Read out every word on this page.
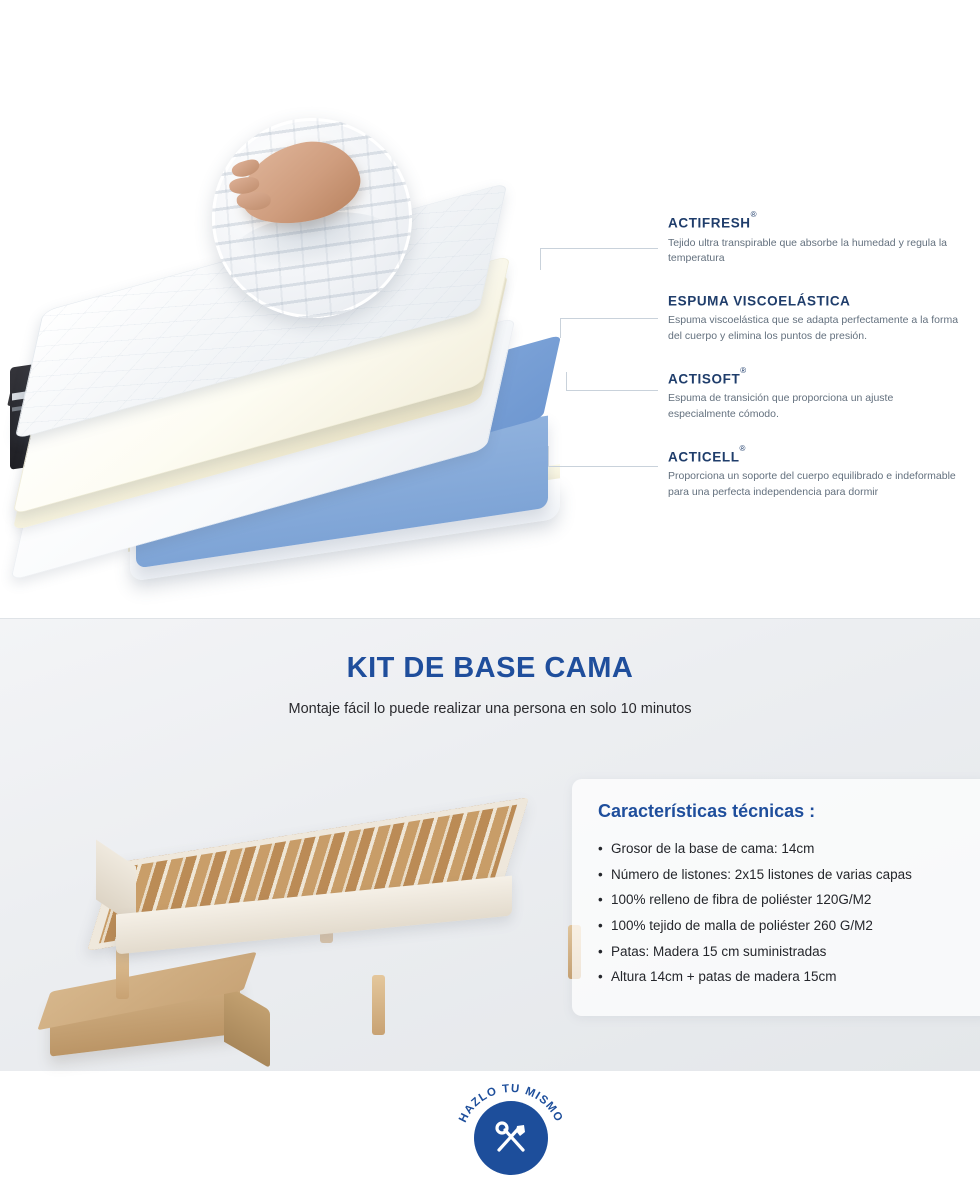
ACTIFRESH®

Tejido ultra transpirable que absorbe la humedad y regula la temperatura

ESPUMA VISCOELÁSTICA

Espuma viscoelástica que se adapta perfectamente a la forma del cuerpo y elimina los puntos de presión.

ACTISOFT®

Espuma de transición que proporciona un ajuste especialmente cómodo.

ACTICELL®

Proporciona un soporte del cuerpo equilibrado e indeformable para una perfecta independencia para dormir

KIT DE BASE CAMA

Montaje fácil lo puede realizar una persona en solo 10 minutos

HAZLO TU MISMO
Características técnicas :
• Grosor de la base de cama: 14cm
• Número de listones: 2x15 listones de varias capas
• 100% relleno de fibra de poliéster 120G/M2
• 100% tejido de malla de poliéster 260 G/M2
• Patas: Madera 15 cm suministradas
• Altura 14cm + patas de madera 15cm
